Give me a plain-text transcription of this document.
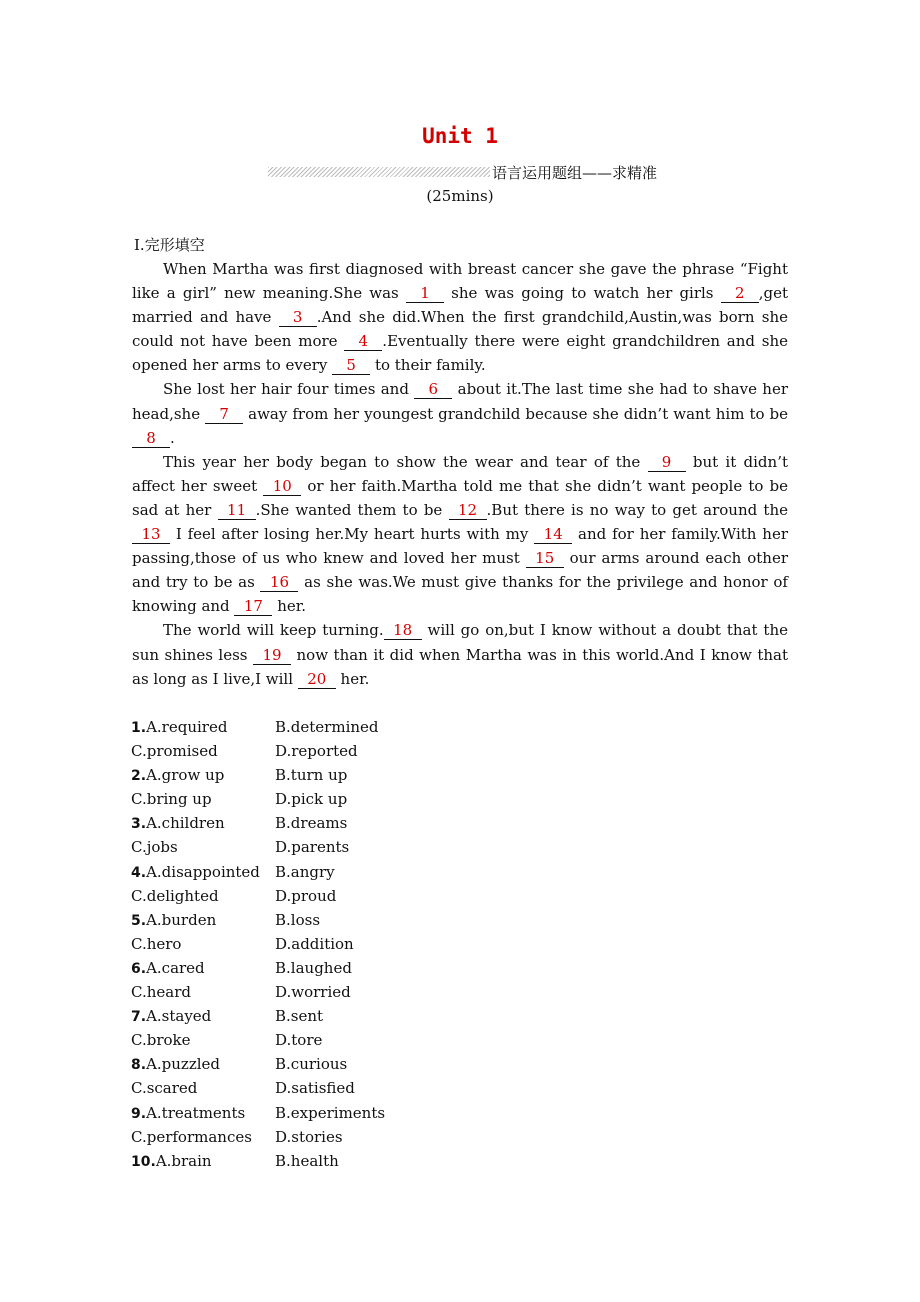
Unit 1
语言运用题组——求精准
(25mins)
Ⅰ.完形填空

When Martha was first diagnosed with breast cancer she gave the phrase “Fight like a girl” new meaning.She was 1 she was going to watch her girls 2 ,get married and have 3 .And she did.When the first grandchild,Austin,was born she could not have been more 4 .Eventually there were eight grandchildren and she opened her arms to every 5 to their family.

She lost her hair four times and 6 about it.The last time she had to shave her head,she 7 away from her youngest grandchild because she didn’t want him to be 8 .

This year her body began to show the wear and tear of the 9 but it didn’t affect her sweet 10 or her faith.Martha told me that she didn’t want people to be sad at her 11 .She wanted them to be 12 .But there is no way to get around the 13 I feel after losing her.My heart hurts with my 14 and for her family.With her passing,those of us who knew and loved her must 15 our arms around each other and try to be as 16 as she was.We must give thanks for the privilege and honor of knowing and 17 her.

The world will keep turning. 18 will go on,but I know without a doubt that the sun shines less 19 now than it did when Martha was in this world.And I know that as long as I live,I will 20 her.

1.A.required	B.determined
C.promised	D.reported
2.A.grow up	B.turn up
C.bring up	D.pick up
3.A.children	B.dreams
C.jobs	D.parents
4.A.disappointed	B.angry
C.delighted	D.proud
5.A.burden	B.loss
C.hero	D.addition
6.A.cared	B.laughed
C.heard	D.worried
7.A.stayed	B.sent
C.broke	D.tore
8.A.puzzled	B.curious
C.scared	D.satisfied
9.A.treatments	B.experiments
C.performances	D.stories
10.A.brain	B.health
